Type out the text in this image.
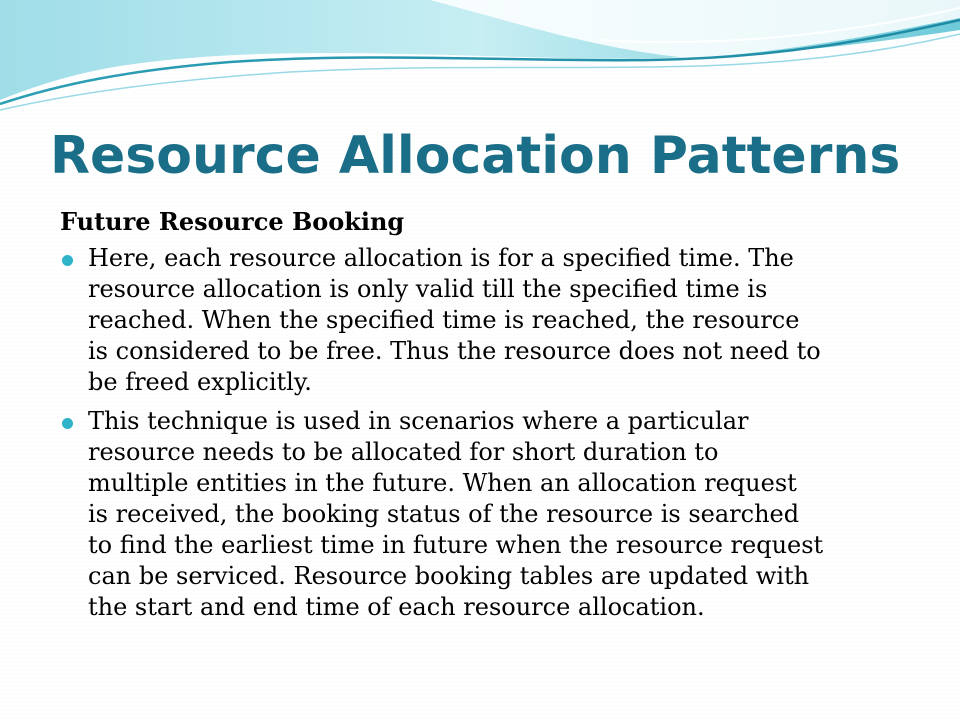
Resource Allocation Patterns

Future Resource Booking

Here, each resource allocation is for a specified time. The
resource allocation is only valid till the specified time is
reached. When the specified time is reached, the resource
is considered to be free. Thus the resource does not need to
be freed explicitly.
This technique is used in scenarios where a particular
resource needs to be allocated for short duration to
multiple entities in the future. When an allocation request
is received, the booking status of the resource is searched
to find the earliest time in future when the resource request
can be serviced. Resource booking tables are updated with
the start and end time of each resource allocation.
